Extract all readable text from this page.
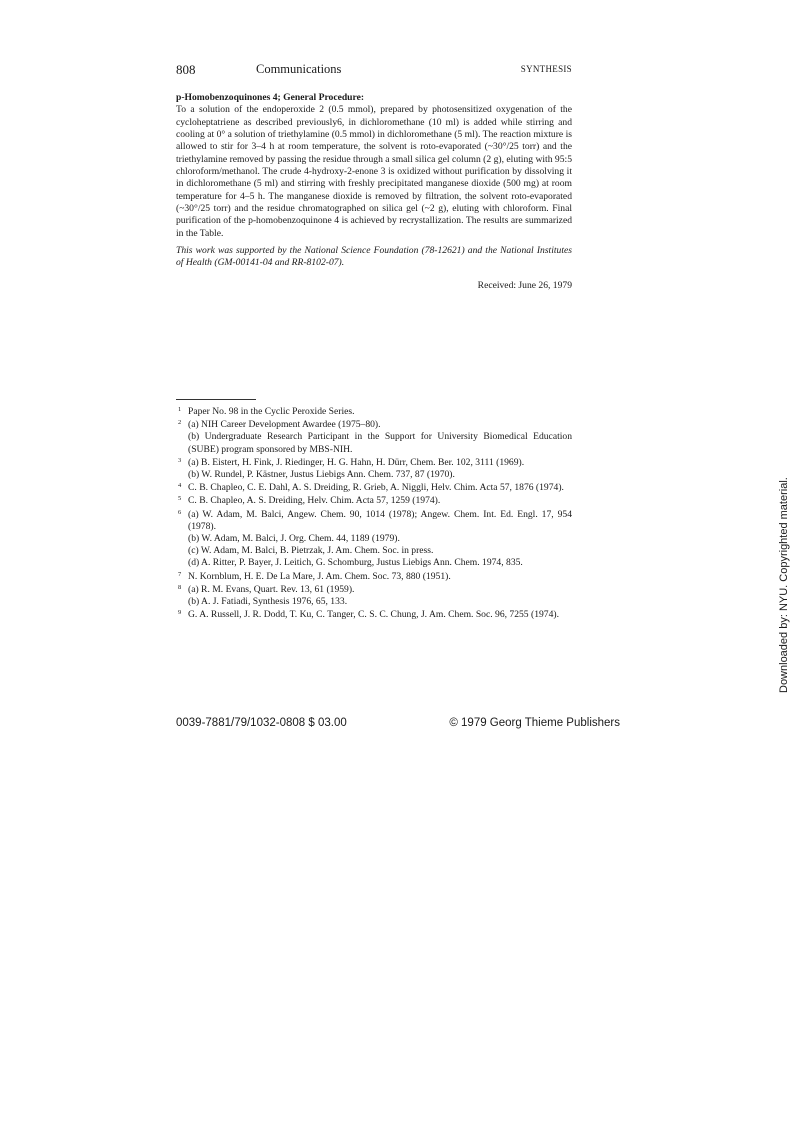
808	Communications	SYNTHESIS

p-Homobenzoquinones 4; General Procedure:

To a solution of the endoperoxide 2 (0.5 mmol), prepared by photosensitized oxygenation of the cycloheptatriene as described previously6, in dichloromethane (10 ml) is added while stirring and cooling at 0° a solution of triethylamine (0.5 mmol) in dichloromethane (5 ml). The reaction mixture is allowed to stir for 3–4 h at room temperature, the solvent is roto-evaporated (~30°/25 torr) and the triethylamine removed by passing the residue through a small silica gel column (2 g), eluting with 95:5 chloroform/methanol. The crude 4-hydroxy-2-enone 3 is oxidized without purification by dissolving it in dichloromethane (5 ml) and stirring with freshly precipitated manganese dioxide (500 mg) at room temperature for 4–5 h. The manganese dioxide is removed by filtration, the solvent roto-evaporated (~30°/25 torr) and the residue chromatographed on silica gel (~2 g), eluting with chloroform. Final purification of the p-homobenzoquinone 4 is achieved by recrystallization. The results are summarized in the Table.

This work was supported by the National Science Foundation (78-12621) and the National Institutes of Health (GM-00141-04 and RR-8102-07).

Received: June 26, 1979

1 Paper No. 98 in the Cyclic Peroxide Series.
2 (a) NIH Career Development Awardee (1975–80).
(b) Undergraduate Research Participant in the Support for University Biomedical Education (SUBE) program sponsored by MBS-NIH.
3 (a) B. Eistert, H. Fink, J. Riedinger, H. G. Hahn, H. Dürr, Chem. Ber. 102, 3111 (1969).
(b) W. Rundel, P. Kästner, Justus Liebigs Ann. Chem. 737, 87 (1970).
4 C. B. Chapleo, C. E. Dahl, A. S. Dreiding, R. Grieb, A. Niggli, Helv. Chim. Acta 57, 1876 (1974).
5 C. B. Chapleo, A. S. Dreiding, Helv. Chim. Acta 57, 1259 (1974).
6 (a) W. Adam, M. Balci, Angew. Chem. 90, 1014 (1978); Angew. Chem. Int. Ed. Engl. 17, 954 (1978).
(b) W. Adam, M. Balci, J. Org. Chem. 44, 1189 (1979).
(c) W. Adam, M. Balci, B. Pietrzak, J. Am. Chem. Soc. in press.
(d) A. Ritter, P. Bayer, J. Leitich, G. Schomburg, Justus Liebigs Ann. Chem. 1974, 835.
7 N. Kornblum, H. E. De La Mare, J. Am. Chem. Soc. 73, 880 (1951).
8 (a) R. M. Evans, Quart. Rev. 13, 61 (1959).
(b) A. J. Fatiadi, Synthesis 1976, 65, 133.
9 G. A. Russell, J. R. Dodd, T. Ku, C. Tanger, C. S. C. Chung, J. Am. Chem. Soc. 96, 7255 (1974).
0039-7881/79/1032-0808 $ 03.00	© 1979 Georg Thieme Publishers
Downloaded by: NYU. Copyrighted material.
